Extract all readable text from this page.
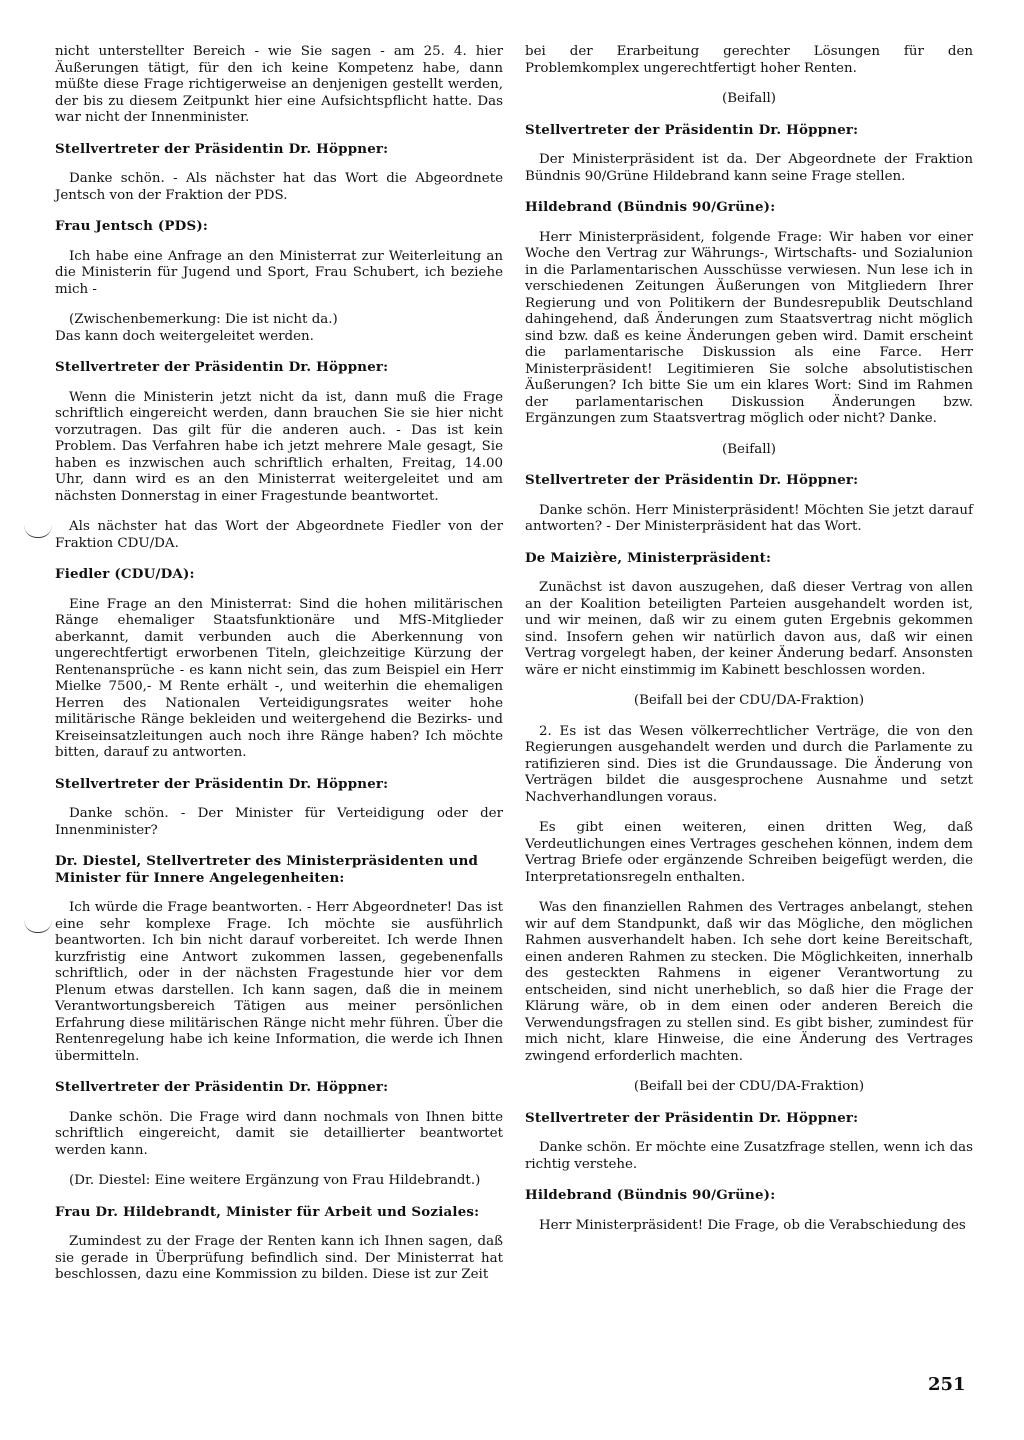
nicht unterstellter Bereich - wie Sie sagen - am 25. 4. hier Äußerungen tätigt, für den ich keine Kompetenz habe, dann müßte diese Frage richtigerweise an denjenigen gestellt werden, der bis zu diesem Zeitpunkt hier eine Aufsichtspflicht hatte. Das war nicht der Innenminister.

Stellvertreter der Präsidentin Dr. Höppner:

Danke schön. - Als nächster hat das Wort die Abgeordnete Jentsch von der Fraktion der PDS.

Frau Jentsch (PDS):

Ich habe eine Anfrage an den Ministerrat zur Weiterleitung an die Ministerin für Jugend und Sport, Frau Schubert, ich beziehe mich -

(Zwischenbemerkung: Die ist nicht da.)

Das kann doch weitergeleitet werden.

Stellvertreter der Präsidentin Dr. Höppner:

Wenn die Ministerin jetzt nicht da ist, dann muß die Frage schriftlich eingereicht werden, dann brauchen Sie sie hier nicht vorzutragen. Das gilt für die anderen auch. - Das ist kein Problem. Das Verfahren habe ich jetzt mehrere Male gesagt, Sie haben es inzwischen auch schriftlich erhalten, Freitag, 14.00 Uhr, dann wird es an den Ministerrat weitergeleitet und am nächsten Donnerstag in einer Fragestunde beantwortet.

Als nächster hat das Wort der Abgeordnete Fiedler von der Fraktion CDU/DA.

Fiedler (CDU/DA):

Eine Frage an den Ministerrat: Sind die hohen militärischen Ränge ehemaliger Staatsfunktionäre und MfS-Mitglieder aberkannt, damit verbunden auch die Aberkennung von ungerechtfertigt erworbenen Titeln, gleichzeitige Kürzung der Rentenansprüche - es kann nicht sein, das zum Beispiel ein Herr Mielke 7500,- M Rente erhält -, und weiterhin die ehemaligen Herren des Nationalen Verteidigungsrates weiter hohe militärische Ränge bekleiden und weitergehend die Bezirks- und Kreiseinsatzleitungen auch noch ihre Ränge haben? Ich möchte bitten, darauf zu antworten.

Stellvertreter der Präsidentin Dr. Höppner:

Danke schön. - Der Minister für Verteidigung oder der Innenminister?

Dr. Diestel, Stellvertreter des Ministerpräsidenten und Minister für Innere Angelegenheiten:

Ich würde die Frage beantworten. - Herr Abgeordneter! Das ist eine sehr komplexe Frage. Ich möchte sie ausführlich beantworten. Ich bin nicht darauf vorbereitet. Ich werde Ihnen kurzfristig eine Antwort zukommen lassen, gegebenenfalls schriftlich, oder in der nächsten Fragestunde hier vor dem Plenum etwas darstellen. Ich kann sagen, daß die in meinem Verantwortungsbereich Tätigen aus meiner persönlichen Erfahrung diese militärischen Ränge nicht mehr führen. Über die Rentenregelung habe ich keine Information, die werde ich Ihnen übermitteln.

Stellvertreter der Präsidentin Dr. Höppner:

Danke schön. Die Frage wird dann nochmals von Ihnen bitte schriftlich eingereicht, damit sie detaillierter beantwortet werden kann.

(Dr. Diestel: Eine weitere Ergänzung von Frau Hildebrandt.)

Frau Dr. Hildebrandt, Minister für Arbeit und Soziales:

Zumindest zu der Frage der Renten kann ich Ihnen sagen, daß sie gerade in Überprüfung befindlich sind. Der Ministerrat hat beschlossen, dazu eine Kommission zu bilden. Diese ist zur Zeit

bei der Erarbeitung gerechter Lösungen für den Problemkomplex ungerechtfertigt hoher Renten.

(Beifall)

Stellvertreter der Präsidentin Dr. Höppner:

Der Ministerpräsident ist da. Der Abgeordnete der Fraktion Bündnis 90/Grüne Hildebrand kann seine Frage stellen.

Hildebrand (Bündnis 90/Grüne):

Herr Ministerpräsident, folgende Frage: Wir haben vor einer Woche den Vertrag zur Währungs-, Wirtschafts- und Sozialunion in die Parlamentarischen Ausschüsse verwiesen. Nun lese ich in verschiedenen Zeitungen Äußerungen von Mitgliedern Ihrer Regierung und von Politikern der Bundesrepublik Deutschland dahingehend, daß Änderungen zum Staatsvertrag nicht möglich sind bzw. daß es keine Änderungen geben wird. Damit erscheint die parlamentarische Diskussion als eine Farce. Herr Ministerpräsident! Legitimieren Sie solche absolutistischen Äußerungen? Ich bitte Sie um ein klares Wort: Sind im Rahmen der parlamentarischen Diskussion Änderungen bzw. Ergänzungen zum Staatsvertrag möglich oder nicht? Danke.

(Beifall)

Stellvertreter der Präsidentin Dr. Höppner:

Danke schön. Herr Ministerpräsident! Möchten Sie jetzt darauf antworten? - Der Ministerpräsident hat das Wort.

De Maizière, Ministerpräsident:

Zunächst ist davon auszugehen, daß dieser Vertrag von allen an der Koalition beteiligten Parteien ausgehandelt worden ist, und wir meinen, daß wir zu einem guten Ergebnis gekommen sind. Insofern gehen wir natürlich davon aus, daß wir einen Vertrag vorgelegt haben, der keiner Änderung bedarf. Ansonsten wäre er nicht einstimmig im Kabinett beschlossen worden.

(Beifall bei der CDU/DA-Fraktion)

2. Es ist das Wesen völkerrechtlicher Verträge, die von den Regierungen ausgehandelt werden und durch die Parlamente zu ratifizieren sind. Dies ist die Grundaussage. Die Änderung von Verträgen bildet die ausgesprochene Ausnahme und setzt Nachverhandlungen voraus.

Es gibt einen weiteren, einen dritten Weg, daß Verdeutlichungen eines Vertrages geschehen können, indem dem Vertrag Briefe oder ergänzende Schreiben beigefügt werden, die Interpretationsregeln enthalten.

Was den finanziellen Rahmen des Vertrages anbelangt, stehen wir auf dem Standpunkt, daß wir das Mögliche, den möglichen Rahmen ausverhandelt haben. Ich sehe dort keine Bereitschaft, einen anderen Rahmen zu stecken. Die Möglichkeiten, innerhalb des gesteckten Rahmens in eigener Verantwortung zu entscheiden, sind nicht unerheblich, so daß hier die Frage der Klärung wäre, ob in dem einen oder anderen Bereich die Verwendungsfragen zu stellen sind. Es gibt bisher, zumindest für mich nicht, klare Hinweise, die eine Änderung des Vertrages zwingend erforderlich machten.

(Beifall bei der CDU/DA-Fraktion)

Stellvertreter der Präsidentin Dr. Höppner:

Danke schön. Er möchte eine Zusatzfrage stellen, wenn ich das richtig verstehe.

Hildebrand (Bündnis 90/Grüne):

Herr Ministerpräsident! Die Frage, ob die Verabschiedung des

251
